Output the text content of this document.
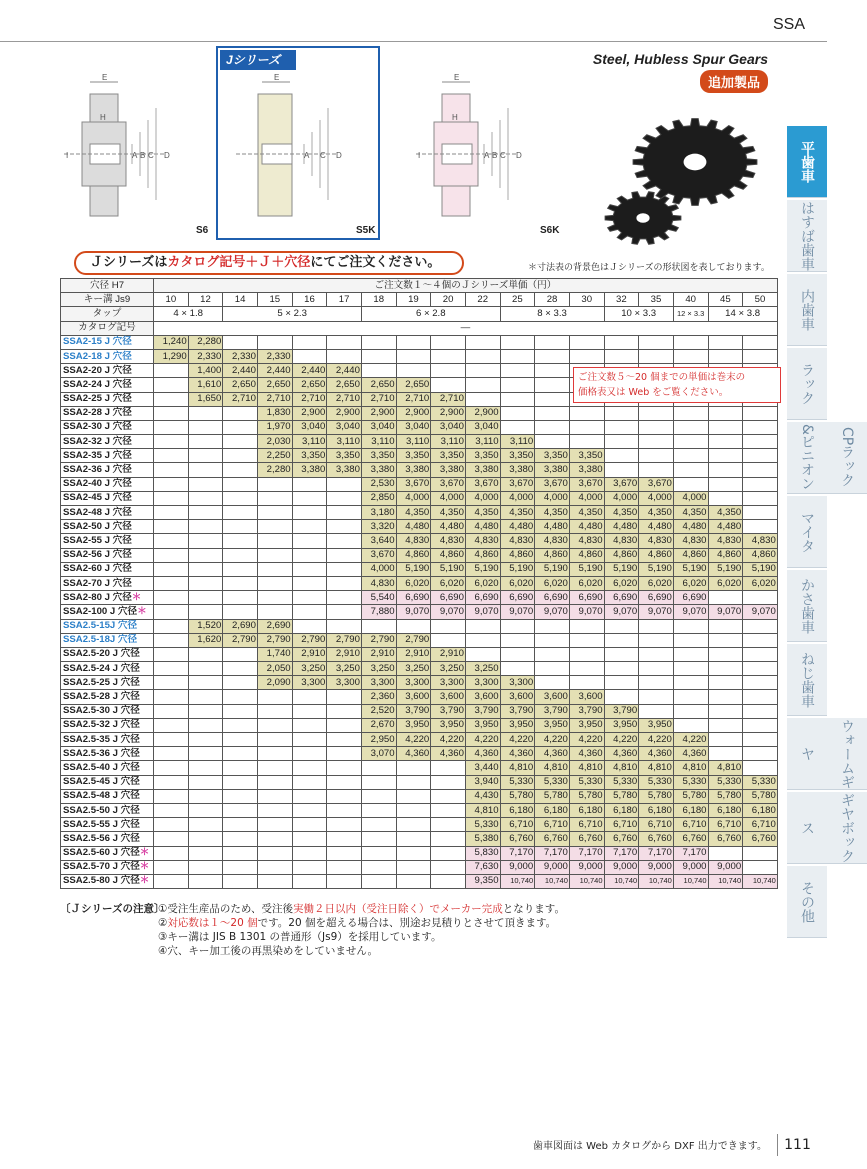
SSA
Jシリーズ
E
H
A B C D
I
S6
E
A C D
S5K
E
H
A B C D
I
S6K
Steel, Hubless Spur Gears
追加製品
Ｊシリーズはカタログ記号＋Ｊ＋穴径にてご注文ください。	＊寸法表の背景色はＪシリーズの形状図を表しております。
平歯車
はすば歯車
内歯車
ラック
CPラック&ピニオン
マイタ
かさ歯車
ねじ歯車
ウォームギヤ
ギヤボックス
その他
穴径 H7	ご注文数１～４個のＪシリーズ単価（円）																	
キー溝 Js9	10	12	14	15	16	17	18	19	20	22	25	28	30	32	35	40	45	50
タップ	4 × 1.8		5 × 2.3				6 × 2.8				8 × 3.3			10 × 3.3		12 × 3.3	14 × 3.8	
カタログ記号	―																	
SSA2-15 J 穴径	1,240	2,280																
SSA2-18 J 穴径	1,290	2,330	2,330	2,330														
SSA2-20 J 穴径		1,400	2,440	2,440	2,440	2,440												
SSA2-24 J 穴径		1,610	2,650	2,650	2,650	2,650	2,650	2,650										
SSA2-25 J 穴径		1,650	2,710	2,710	2,710	2,710	2,710	2,710	2,710									
SSA2-28 J 穴径				1,830	2,900	2,900	2,900	2,900	2,900	2,900								
SSA2-30 J 穴径				1,970	3,040	3,040	3,040	3,040	3,040	3,040								
SSA2-32 J 穴径				2,030	3,110	3,110	3,110	3,110	3,110	3,110	3,110							
SSA2-35 J 穴径				2,250	3,350	3,350	3,350	3,350	3,350	3,350	3,350	3,350	3,350					
SSA2-36 J 穴径				2,280	3,380	3,380	3,380	3,380	3,380	3,380	3,380	3,380	3,380					
SSA2-40 J 穴径							2,530	3,670	3,670	3,670	3,670	3,670	3,670	3,670	3,670			
SSA2-45 J 穴径							2,850	4,000	4,000	4,000	4,000	4,000	4,000	4,000	4,000	4,000		
SSA2-48 J 穴径							3,180	4,350	4,350	4,350	4,350	4,350	4,350	4,350	4,350	4,350	4,350	
SSA2-50 J 穴径							3,320	4,480	4,480	4,480	4,480	4,480	4,480	4,480	4,480	4,480	4,480	
SSA2-55 J 穴径							3,640	4,830	4,830	4,830	4,830	4,830	4,830	4,830	4,830	4,830	4,830	4,830
SSA2-56 J 穴径							3,670	4,860	4,860	4,860	4,860	4,860	4,860	4,860	4,860	4,860	4,860	4,860
SSA2-60 J 穴径							4,000	5,190	5,190	5,190	5,190	5,190	5,190	5,190	5,190	5,190	5,190	5,190
SSA2-70 J 穴径							4,830	6,020	6,020	6,020	6,020	6,020	6,020	6,020	6,020	6,020	6,020	6,020
SSA2-80 J 穴径＊							5,540	6,690	6,690	6,690	6,690	6,690	6,690	6,690	6,690	6,690		
SSA2-100 J 穴径＊							7,880	9,070	9,070	9,070	9,070	9,070	9,070	9,070	9,070	9,070	9,070	9,070
SSA2.5-15J 穴径		1,520	2,690	2,690														
SSA2.5-18J 穴径		1,620	2,790	2,790	2,790	2,790	2,790	2,790										
SSA2.5-20 J 穴径				1,740	2,910	2,910	2,910	2,910	2,910									
SSA2.5-24 J 穴径				2,050	3,250	3,250	3,250	3,250	3,250	3,250								
SSA2.5-25 J 穴径				2,090	3,300	3,300	3,300	3,300	3,300	3,300	3,300							
SSA2.5-28 J 穴径							2,360	3,600	3,600	3,600	3,600	3,600	3,600					
SSA2.5-30 J 穴径							2,520	3,790	3,790	3,790	3,790	3,790	3,790	3,790				
SSA2.5-32 J 穴径							2,670	3,950	3,950	3,950	3,950	3,950	3,950	3,950	3,950			
SSA2.5-35 J 穴径							2,950	4,220	4,220	4,220	4,220	4,220	4,220	4,220	4,220	4,220		
SSA2.5-36 J 穴径							3,070	4,360	4,360	4,360	4,360	4,360	4,360	4,360	4,360	4,360		
SSA2.5-40 J 穴径										3,440	4,810	4,810	4,810	4,810	4,810	4,810	4,810	
SSA2.5-45 J 穴径										3,940	5,330	5,330	5,330	5,330	5,330	5,330	5,330	5,330
SSA2.5-48 J 穴径										4,430	5,780	5,780	5,780	5,780	5,780	5,780	5,780	5,780
SSA2.5-50 J 穴径										4,810	6,180	6,180	6,180	6,180	6,180	6,180	6,180	6,180
SSA2.5-55 J 穴径										5,330	6,710	6,710	6,710	6,710	6,710	6,710	6,710	6,710
SSA2.5-56 J 穴径										5,380	6,760	6,760	6,760	6,760	6,760	6,760	6,760	6,760
SSA2.5-60 J 穴径＊										5,830	7,170	7,170	7,170	7,170	7,170	7,170		
SSA2.5-70 J 穴径＊										7,630	9,000	9,000	9,000	9,000	9,000	9,000	9,000	
SSA2.5-80 J 穴径＊										9,350	10,740	10,740	10,740	10,740	10,740	10,740	10,740	10,740
ご注文数５～20 個までの単価は巻末の
価格表又は Web をご覧ください。
〔Ｊシリーズの注意〕
①受注生産品のため、受注後実働２日以内（受注日除く）でメーカー完成となります。
②対応数は１～20 個です。20 個を超える場合は、別途お見積りとさせて頂きます。
③キー溝は JIS B 1301 の普通形（Js9）を採用しています。
④穴、キー加工後の再黒染めをしていません。
歯車図面は Web カタログから DXF 出力できます。	111
